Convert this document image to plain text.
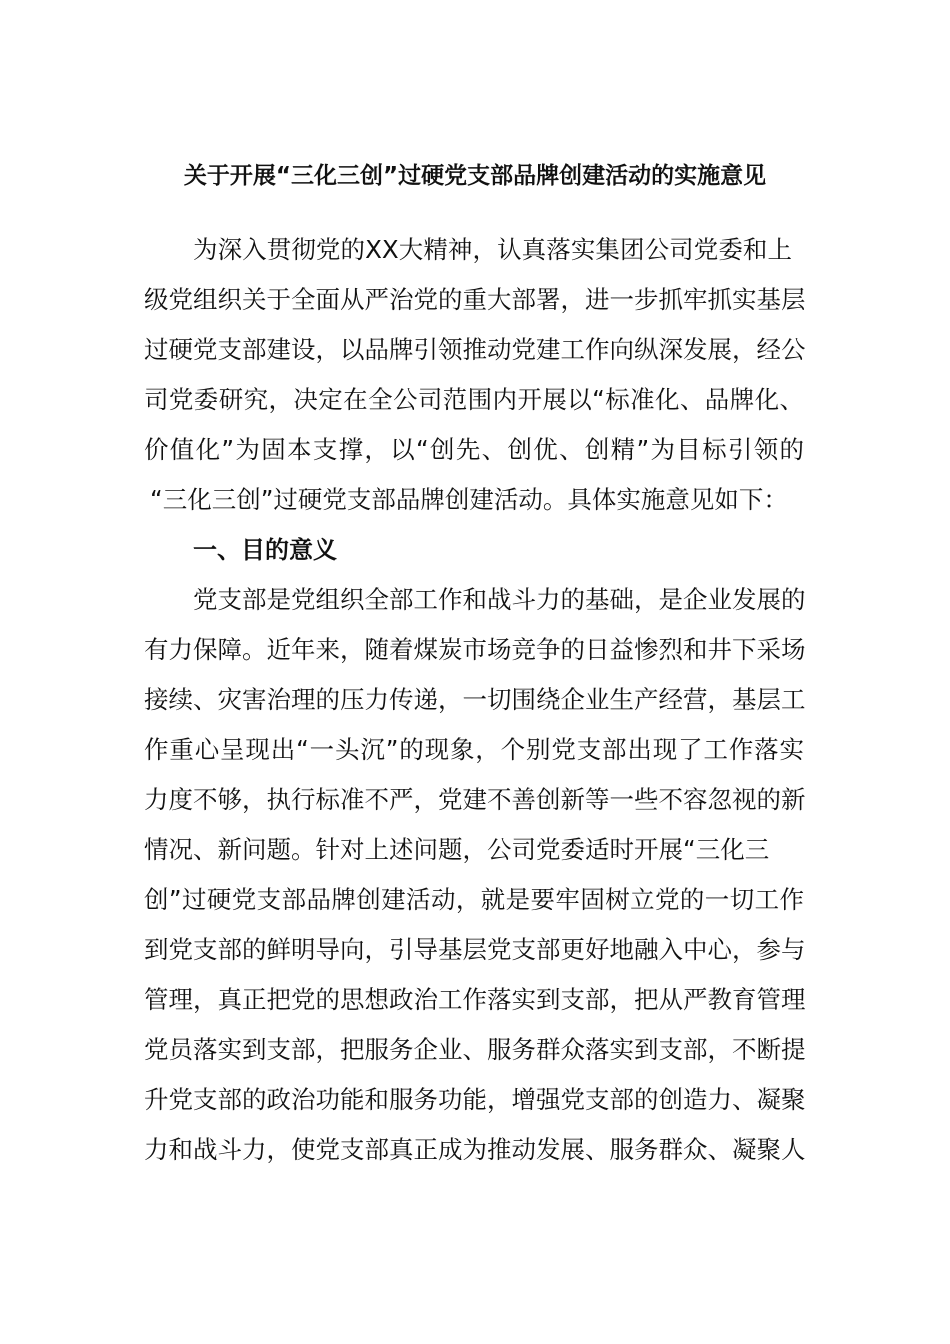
关于开展“三化三创”过硬党支部品牌创建活动的实施意见
为深入贯彻党的XX大精神，认真落实集团公司党委和上
级党组织关于全面从严治党的重大部署，进一步抓牢抓实基层
过硬党支部建设，以品牌引领推动党建工作向纵深发展，经公
司党委研究，决定在全公司范围内开展以“标准化、品牌化、
价值化”为固本支撑，以“创先、创优、创精”为目标引领的
“三化三创”过硬党支部品牌创建活动。具体实施意见如下：
一、目的意义
党支部是党组织全部工作和战斗力的基础，是企业发展的
有力保障。近年来，随着煤炭市场竞争的日益惨烈和井下采场
接续、灾害治理的压力传递，一切围绕企业生产经营，基层工
作重心呈现出“一头沉”的现象，个别党支部出现了工作落实
力度不够，执行标准不严，党建不善创新等一些不容忽视的新
情况、新问题。针对上述问题，公司党委适时开展“三化三
创”过硬党支部品牌创建活动，就是要牢固树立党的一切工作
到党支部的鲜明导向，引导基层党支部更好地融入中心，参与
管理，真正把党的思想政治工作落实到支部，把从严教育管理
党员落实到支部，把服务企业、服务群众落实到支部，不断提
升党支部的政治功能和服务功能，增强党支部的创造力、凝聚
力和战斗力，使党支部真正成为推动发展、服务群众、凝聚人
